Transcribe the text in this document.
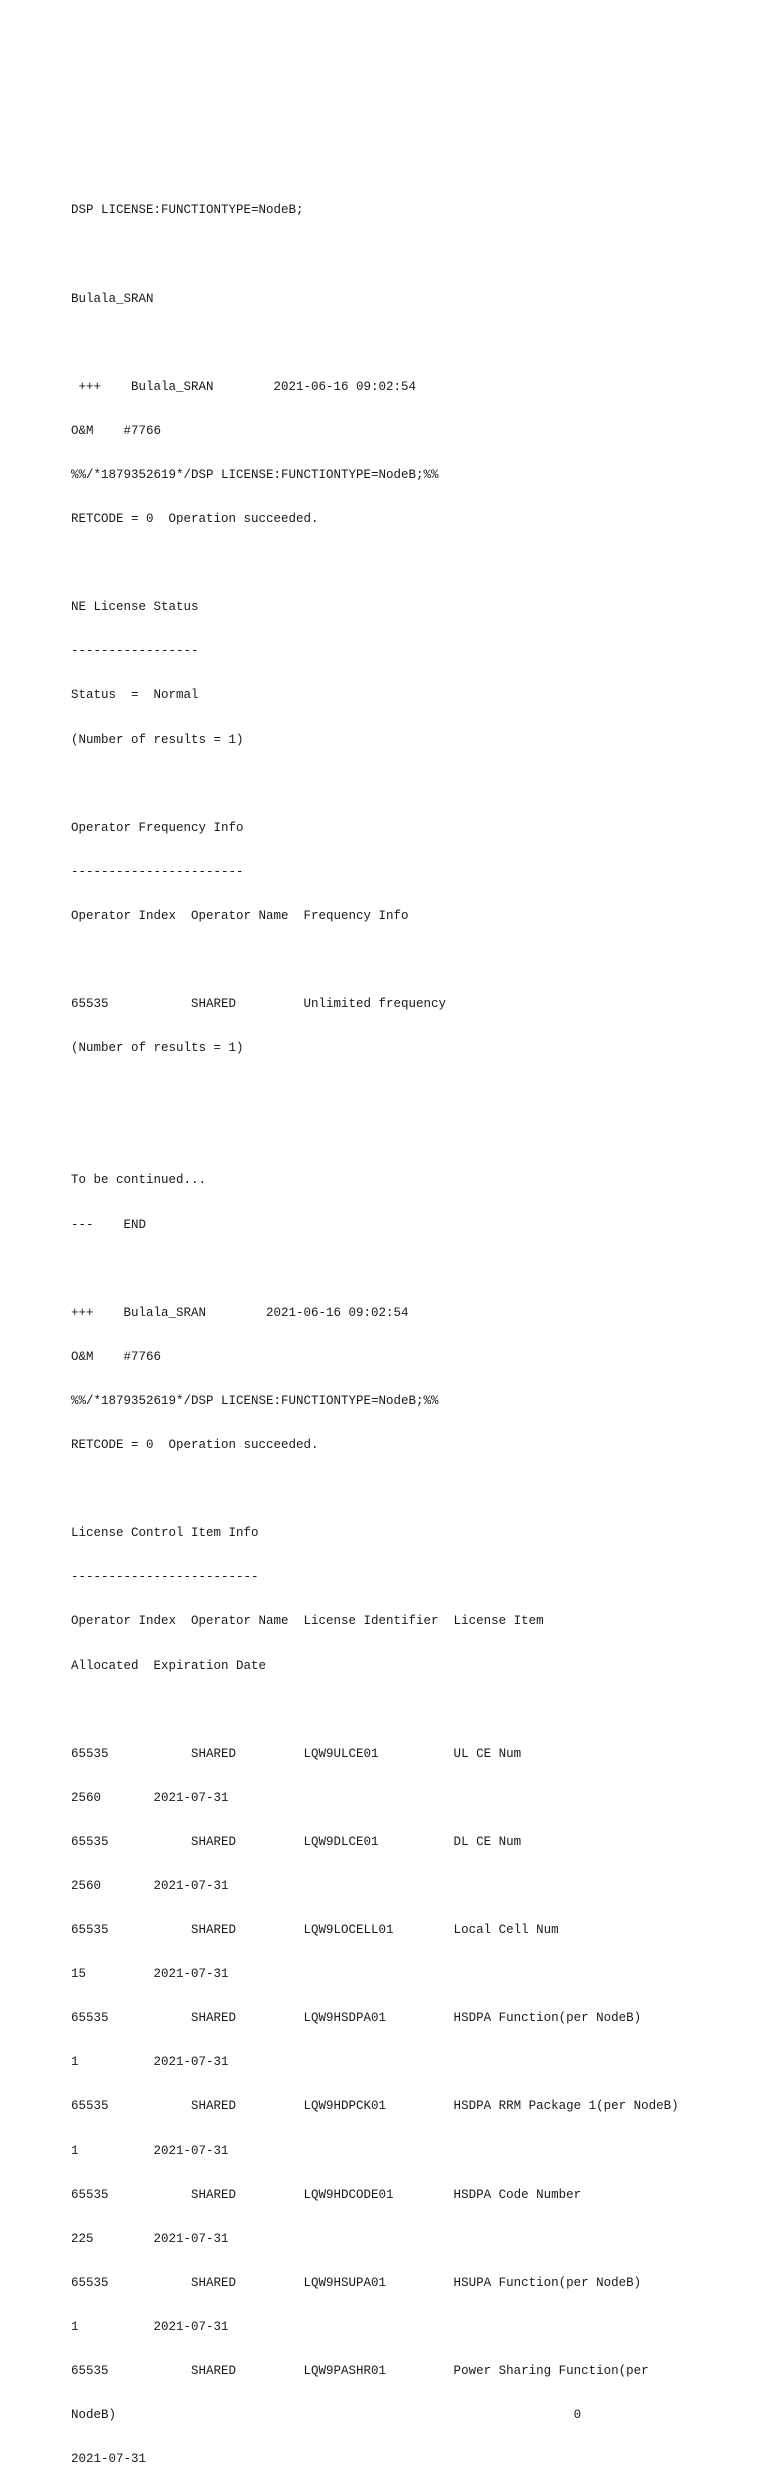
DSP LICENSE:FUNCTIONTYPE=NodeB;

Bulala_SRAN

+++    Bulala_SRAN        2021-06-16 09:02:54

O&M    #7766

%%/*1879352619*/DSP LICENSE:FUNCTIONTYPE=NodeB;%%

RETCODE = 0  Operation succeeded.

NE License Status

-----------------

Status  =  Normal

(Number of results = 1)

Operator Frequency Info

-----------------------

Operator Index  Operator Name  Frequency Info

65535           SHARED         Unlimited frequency

(Number of results = 1)

To be continued...

---    END

+++    Bulala_SRAN        2021-06-16 09:02:54

O&M    #7766

%%/*1879352619*/DSP LICENSE:FUNCTIONTYPE=NodeB;%%

RETCODE = 0  Operation succeeded.

License Control Item Info

-------------------------

Operator Index  Operator Name  License Identifier  License Item

Allocated  Expiration Date

65535           SHARED         LQW9ULCE01          UL CE Num

2560       2021-07-31

65535           SHARED         LQW9DLCE01          DL CE Num

2560       2021-07-31

65535           SHARED         LQW9LOCELL01        Local Cell Num

15         2021-07-31

65535           SHARED         LQW9HSDPA01         HSDPA Function(per NodeB)

1          2021-07-31

65535           SHARED         LQW9HDPCK01         HSDPA RRM Package 1(per NodeB)

1          2021-07-31

65535           SHARED         LQW9HDCODE01        HSDPA Code Number

225        2021-07-31

65535           SHARED         LQW9HSUPA01         HSUPA Function(per NodeB)

1          2021-07-31

65535           SHARED         LQW9PASHR01         Power Sharing Function(per

NodeB)                                                             0

2021-07-31
